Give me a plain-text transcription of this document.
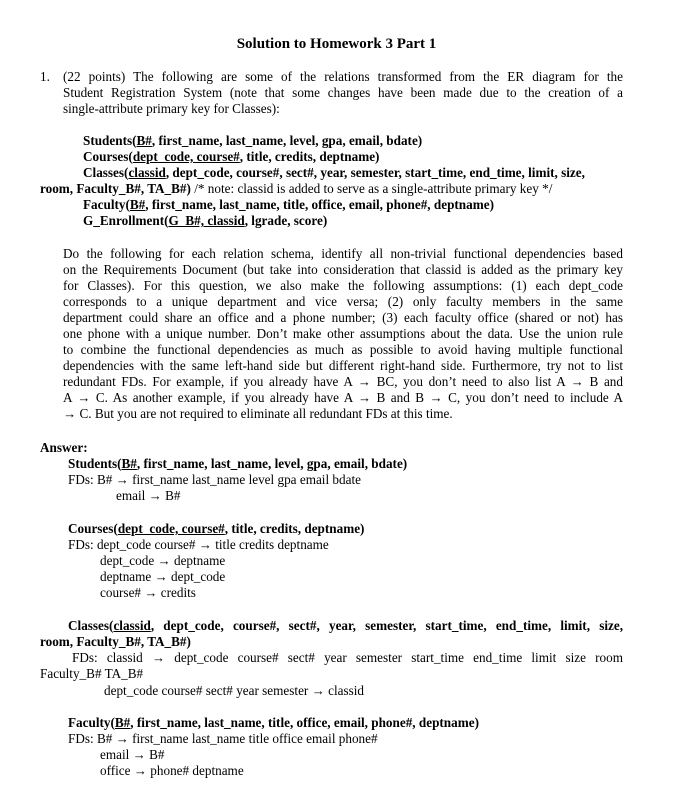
Solution to Homework 3 Part 1
1. (22 points) The following are some of the relations transformed from the ER diagram for the
Student Registration System (note that some changes have been made due to the creation of a
single-attribute primary key for Classes):
Students(B#, first_name, last_name, level, gpa, email, bdate)
Courses(dept_code, course#, title, credits, deptname)
Classes(classid, dept_code, course#, sect#, year, semester, start_time, end_time, limit, size,
room, Faculty_B#, TA_B#) /* note: classid is added to serve as a single-attribute primary key */
Faculty(B#, first_name, last_name, title, office, email, phone#, deptname)
G_Enrollment(G_B#, classid, lgrade, score)
Do the following for each relation schema, identify all non-trivial functional dependencies based
on the Requirements Document (but take into consideration that classid is added as the primary key
for Classes). For this question, we also make the following assumptions: (1) each dept_code
corresponds to a unique department and vice versa; (2) only faculty members in the same
department could share an office and a phone number; (3) each faculty office (shared or not) has
one phone with a unique number. Don’t make other assumptions about the data. Use the union rule
to combine the functional dependencies as much as possible to avoid having multiple functional
dependencies with the same left-hand side but different right-hand side. Furthermore, try not to list
redundant FDs. For example, if you already have A → BC, you don’t need to also list A → B and
A → C. As another example, if you already have A → B and B → C, you don’t need to include A
→ C. But you are not required to eliminate all redundant FDs at this time.
Answer:
Students(B#, first_name, last_name, level, gpa, email, bdate)
FDs: B# → first_name last_name level gpa email bdate
email → B#
Courses(dept_code, course#, title, credits, deptname)
FDs: dept_code course# → title credits deptname
dept_code → deptname
deptname → dept_code
course# → credits
Classes(classid, dept_code, course#, sect#, year, semester, start_time, end_time, limit, size,
room, Faculty_B#, TA_B#)
FDs: classid → dept_code course# sect# year semester start_time end_time limit size room
Faculty_B# TA_B#
dept_code course# sect# year semester → classid
Faculty(B#, first_name, last_name, title, office, email, phone#, deptname)
FDs: B# → first_name last_name title office email phone#
email → B#
office → phone# deptname
